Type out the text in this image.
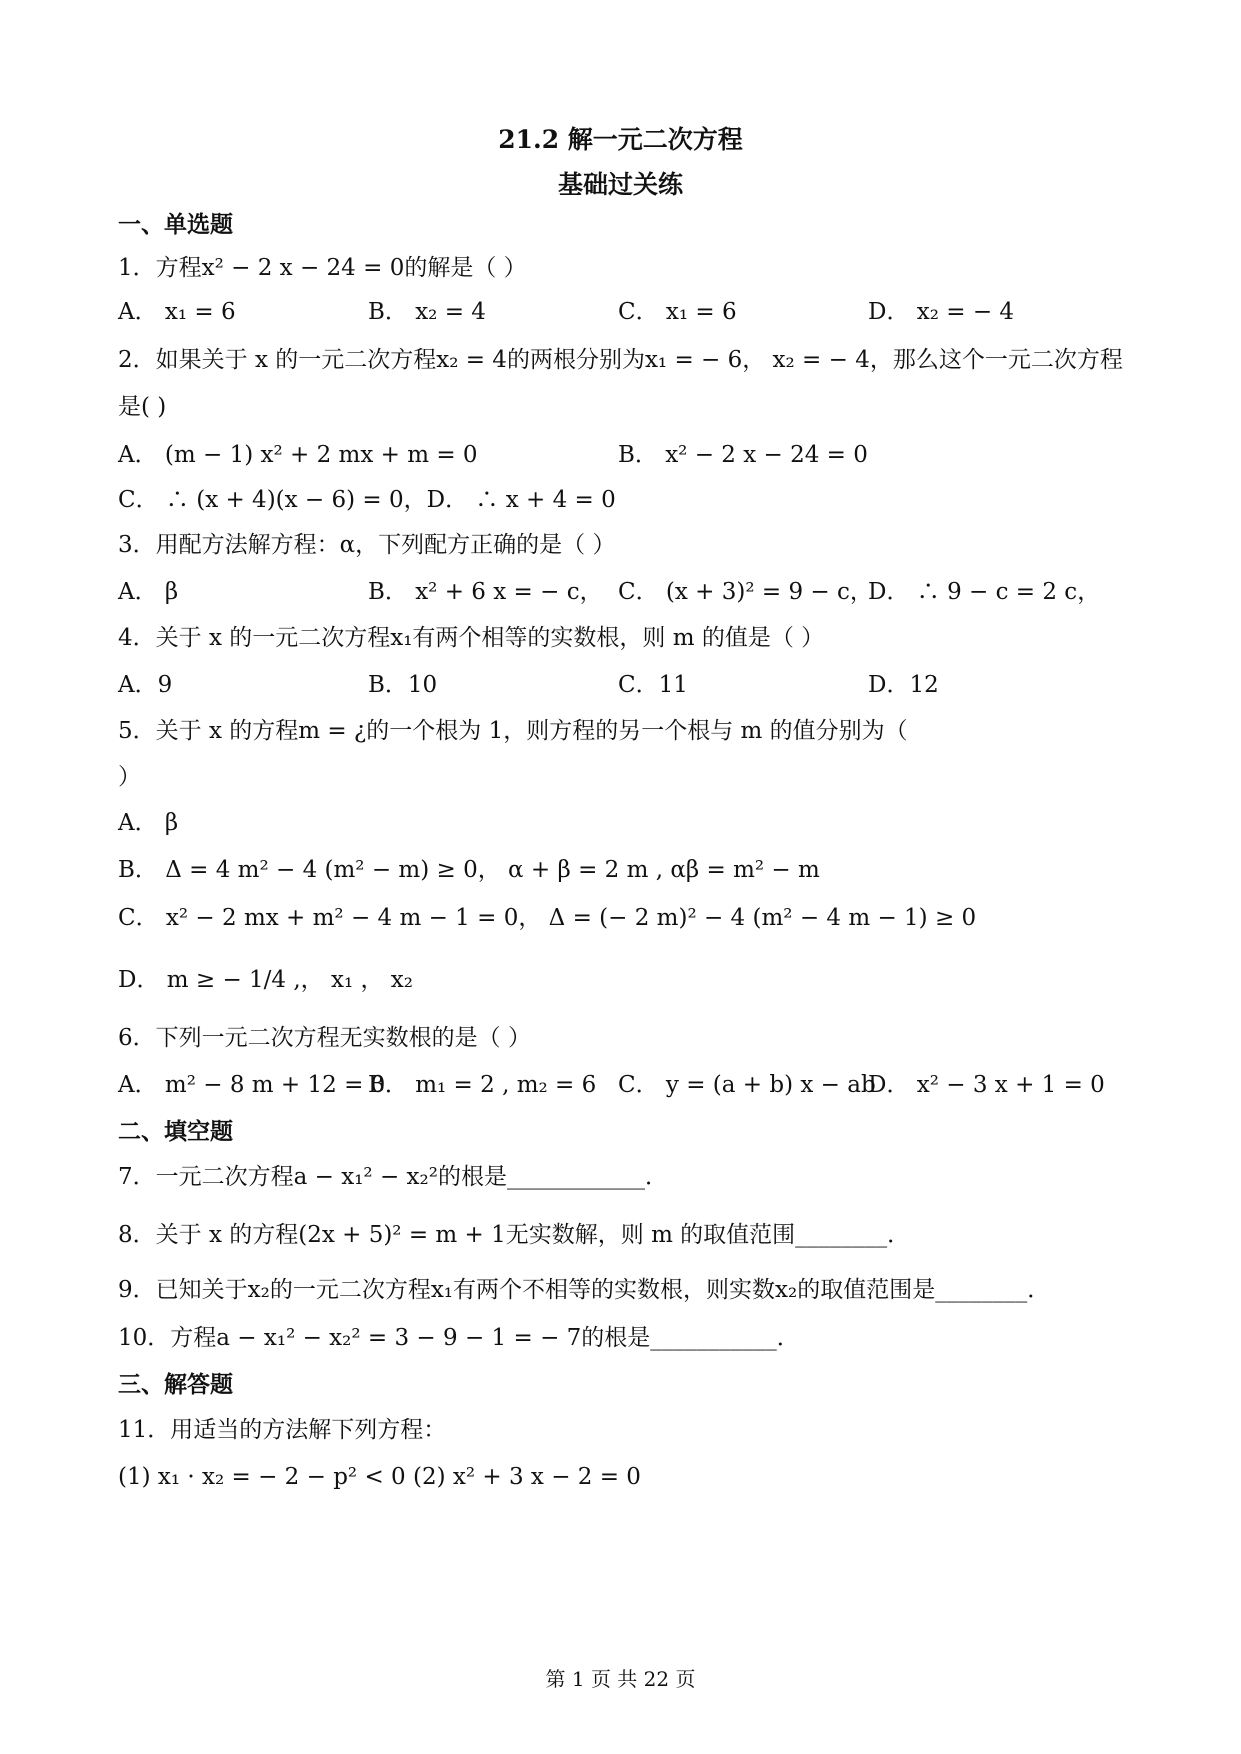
21.2 解一元二次方程
基础过关练
一、单选题
1．方程x² − 2 x − 24 = 0的解是（ ）
A． x₁ = 6	B． x₂ = 4	C． x₁ = 6	D． x₂ = − 4
2．如果关于 x 的一元二次方程x₂ = 4的两根分别为x₁ = − 6， x₂ = − 4，那么这个一元二次方程
是( )
A． (m − 1) x² + 2 mx + m = 0	B． x² − 2 x − 24 = 0
C． ∴ (x + 4)(x − 6) = 0，D． ∴ x + 4 = 0
3．用配方法解方程：α，下列配方正确的是（ ）
A． β	B． x² + 6 x = − c， C． (x + 3)² = 9 − c，
D． ∴ 9 − c = 2 c，
4．关于 x 的一元二次方程x₁有两个相等的实数根，则 m 的值是（ ）
A．9	B．10	C．11	D．12
5．关于 x 的方程m = ¿的一个根为 1，则方程的另一个根与 m 的值分别为（
）
A． β
B． Δ = 4 m² − 4 (m² − m) ≥ 0， α + β = 2 m , αβ = m² − m
C． x² − 2 mx + m² − 4 m − 1 = 0， Δ = (− 2 m)² − 4 (m² − 4 m − 1) ≥ 0
D． m ≥ − 1/4 ,， x₁ ， x₂
6．下列一元二次方程无实数根的是（ ）
A． m² − 8 m + 12 = 0
B． m₁ = 2 , m₂ = 6 C． y = (a + b) x − ab
D． x² − 3 x + 1 = 0
二、填空题
7．一元二次方程a − x₁² − x₂²的根是____________．
8．关于 x 的方程(2x + 5)² = m + 1无实数解，则 m 的取值范围________．
9．已知关于x₂的一元二次方程x₁有两个不相等的实数根，则实数x₂的取值范围是________．
10．方程a − x₁² − x₂² = 3 − 9 − 1 = − 7的根是___________．
三、解答题
11．用适当的方法解下列方程：
(1) x₁ · x₂ = − 2 − p² < 0 (2) x² + 3 x − 2 = 0
第 1 页 共 22 页
